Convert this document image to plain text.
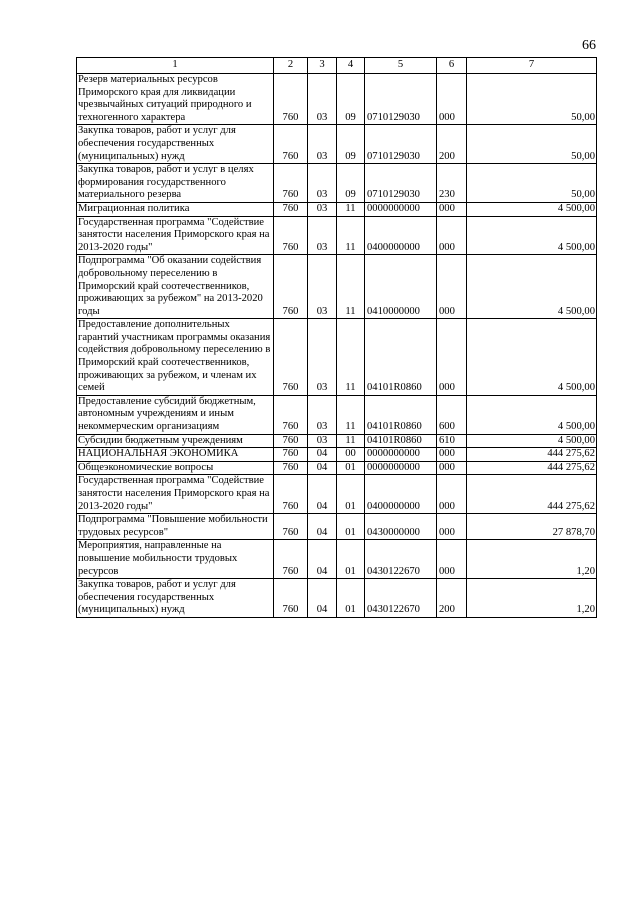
66
1	2	3	4	5	6	7
Резерв материальных ресурсов Приморского края для ликвидации чрезвычайных ситуаций природного и техногенного характера	760	03	09	0710129030	000	50,00
Закупка товаров, работ и услуг для обеспечения государственных (муниципальных) нужд	760	03	09	0710129030	200	50,00
Закупка товаров, работ и услуг в целях формирования государственного материального резерва	760	03	09	0710129030	230	50,00
Миграционная политика	760	03	11	0000000000	000	4 500,00
Государственная программа "Содействие занятости населения Приморского края на 2013-2020 годы"	760	03	11	0400000000	000	4 500,00
Подпрограмма "Об оказании содействия добровольному переселению в Приморский край соотечественников, проживающих за рубежом" на 2013-2020 годы	760	03	11	0410000000	000	4 500,00
Предоставление дополнительных гарантий участникам программы оказания содействия добровольному переселению в Приморский край соотечественников, проживающих за рубежом, и членам их семей	760	03	11	04101R0860	000	4 500,00
Предоставление субсидий бюджетным, автономным учреждениям и иным некоммерческим организациям	760	03	11	04101R0860	600	4 500,00
Субсидии бюджетным учреждениям	760	03	11	04101R0860	610	4 500,00
НАЦИОНАЛЬНАЯ ЭКОНОМИКА	760	04	00	0000000000	000	444 275,62
Общеэкономические вопросы	760	04	01	0000000000	000	444 275,62
Государственная программа "Содействие занятости населения Приморского края на 2013-2020 годы"	760	04	01	0400000000	000	444 275,62
Подпрограмма "Повышение мобильности трудовых ресурсов"	760	04	01	0430000000	000	27 878,70
Мероприятия, направленные на повышение мобильности трудовых ресурсов	760	04	01	0430122670	000	1,20
Закупка товаров, работ и услуг для обеспечения государственных (муниципальных) нужд	760	04	01	0430122670	200	1,20
